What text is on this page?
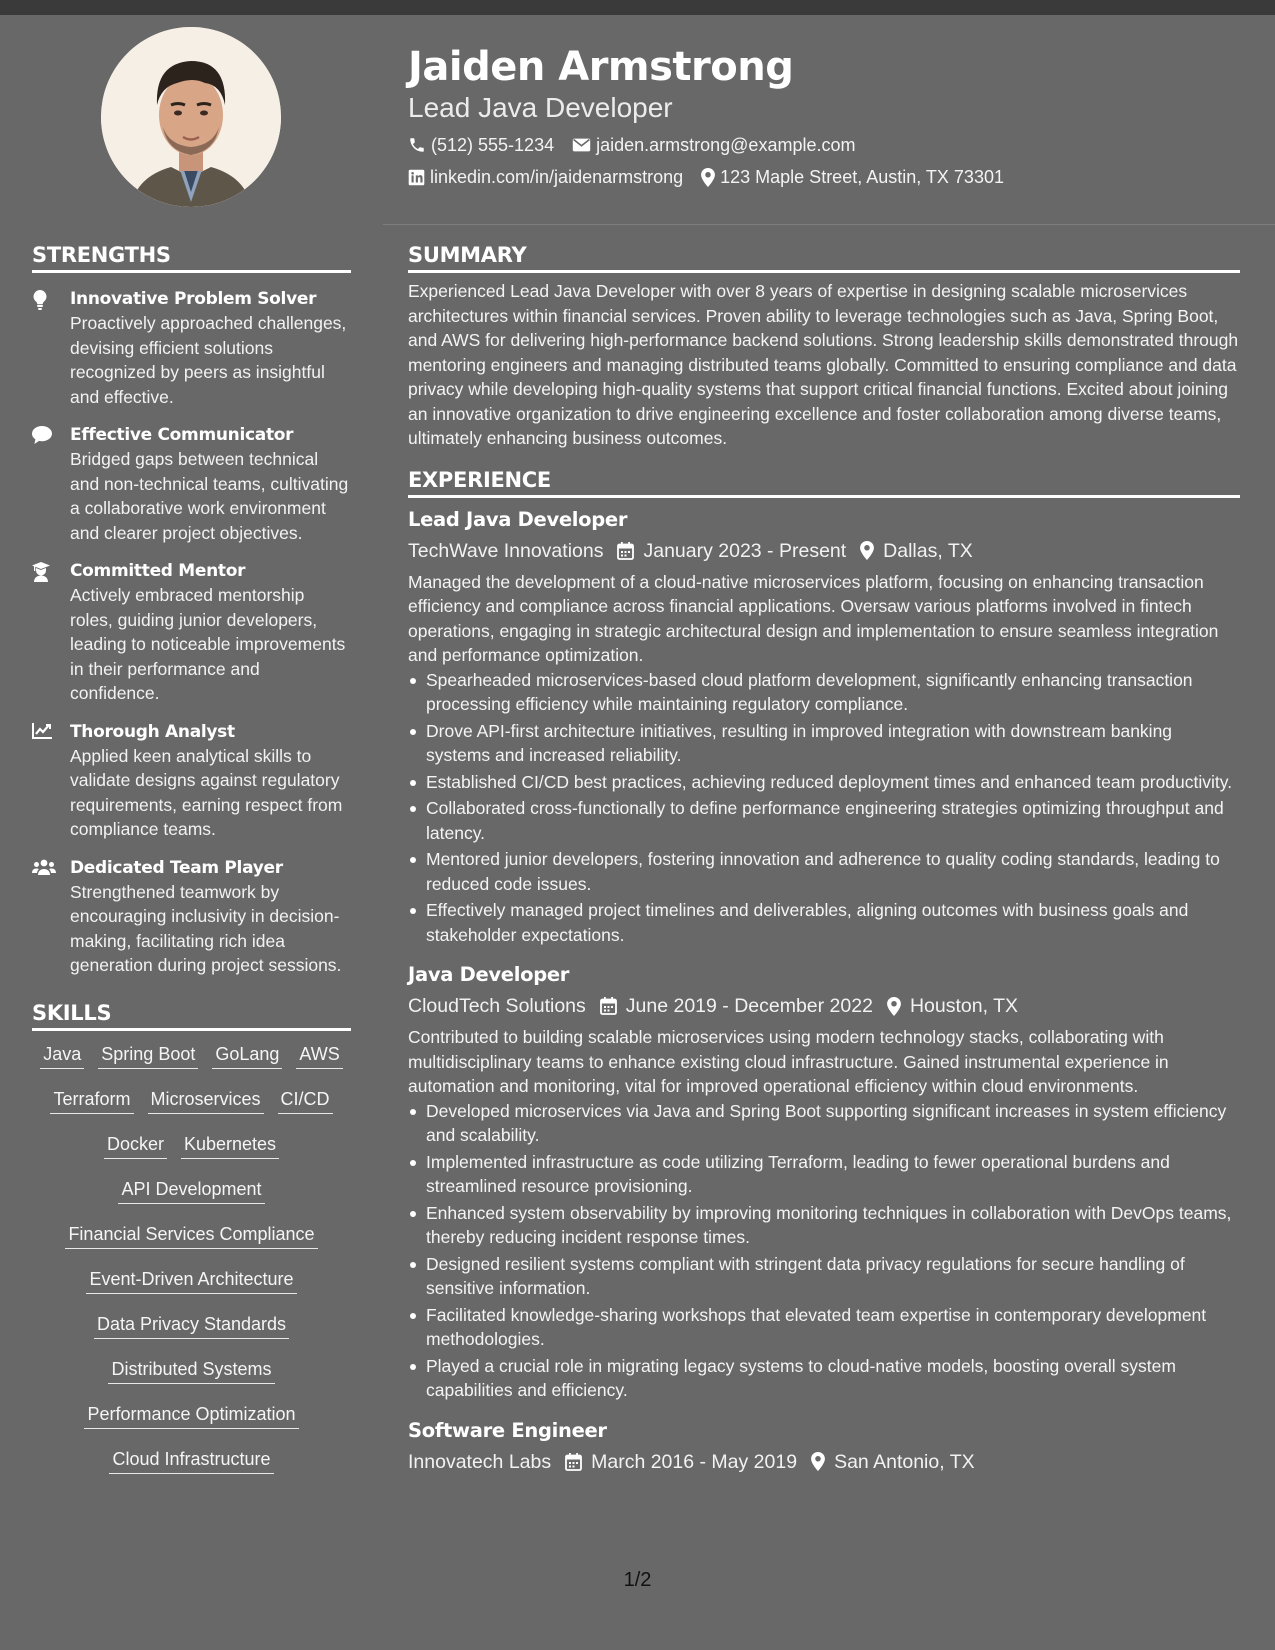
Jaiden Armstrong
Lead Java Developer
(512) 555-1234 jaiden.armstrong@example.com
linkedin.com/in/jaidenarmstrong 123 Maple Street, Austin, TX 73301
STRENGTHS
Innovative Problem Solver
Proactively approached challenges, devising efficient solutions recognized by peers as insightful and effective.
Effective Communicator
Bridged gaps between technical and non-technical teams, cultivating a collaborative work environment and clearer project objectives.
Committed Mentor
Actively embraced mentorship roles, guiding junior developers, leading to noticeable improvements in their performance and confidence.
Thorough Analyst
Applied keen analytical skills to validate designs against regulatory requirements, earning respect from compliance teams.
Dedicated Team Player
Strengthened teamwork by encouraging inclusivity in decision-making, facilitating rich idea generation during project sessions.
SKILLS
Java Spring Boot GoLang AWS
Terraform Microservices CI/CD
Docker Kubernetes
API Development
Financial Services Compliance
Event-Driven Architecture
Data Privacy Standards
Distributed Systems
Performance Optimization
Cloud Infrastructure
SUMMARY
Experienced Lead Java Developer with over 8 years of expertise in designing scalable microservices architectures within financial services. Proven ability to leverage technologies such as Java, Spring Boot, and AWS for delivering high-performance backend solutions. Strong leadership skills demonstrated through mentoring engineers and managing distributed teams globally. Committed to ensuring compliance and data privacy while developing high-quality systems that support critical financial functions. Excited about joining an innovative organization to drive engineering excellence and foster collaboration among diverse teams, ultimately enhancing business outcomes.
EXPERIENCE
Lead Java Developer
TechWave Innovations January 2023 - Present Dallas, TX
Managed the development of a cloud-native microservices platform, focusing on enhancing transaction efficiency and compliance across financial applications. Oversaw various platforms involved in fintech operations, engaging in strategic architectural design and implementation to ensure seamless integration and performance optimization.
Spearheaded microservices-based cloud platform development, significantly enhancing transaction processing efficiency while maintaining regulatory compliance.
Drove API-first architecture initiatives, resulting in improved integration with downstream banking systems and increased reliability.
Established CI/CD best practices, achieving reduced deployment times and enhanced team productivity.
Collaborated cross-functionally to define performance engineering strategies optimizing throughput and latency.
Mentored junior developers, fostering innovation and adherence to quality coding standards, leading to reduced code issues.
Effectively managed project timelines and deliverables, aligning outcomes with business goals and stakeholder expectations.
Java Developer
CloudTech Solutions June 2019 - December 2022 Houston, TX
Contributed to building scalable microservices using modern technology stacks, collaborating with multidisciplinary teams to enhance existing cloud infrastructure. Gained instrumental experience in automation and monitoring, vital for improved operational efficiency within cloud environments.
Developed microservices via Java and Spring Boot supporting significant increases in system efficiency and scalability.
Implemented infrastructure as code utilizing Terraform, leading to fewer operational burdens and streamlined resource provisioning.
Enhanced system observability by improving monitoring techniques in collaboration with DevOps teams, thereby reducing incident response times.
Designed resilient systems compliant with stringent data privacy regulations for secure handling of sensitive information.
Facilitated knowledge-sharing workshops that elevated team expertise in contemporary development methodologies.
Played a crucial role in migrating legacy systems to cloud-native models, boosting overall system capabilities and efficiency.
Software Engineer
Innovatech Labs March 2016 - May 2019 San Antonio, TX
1/2
